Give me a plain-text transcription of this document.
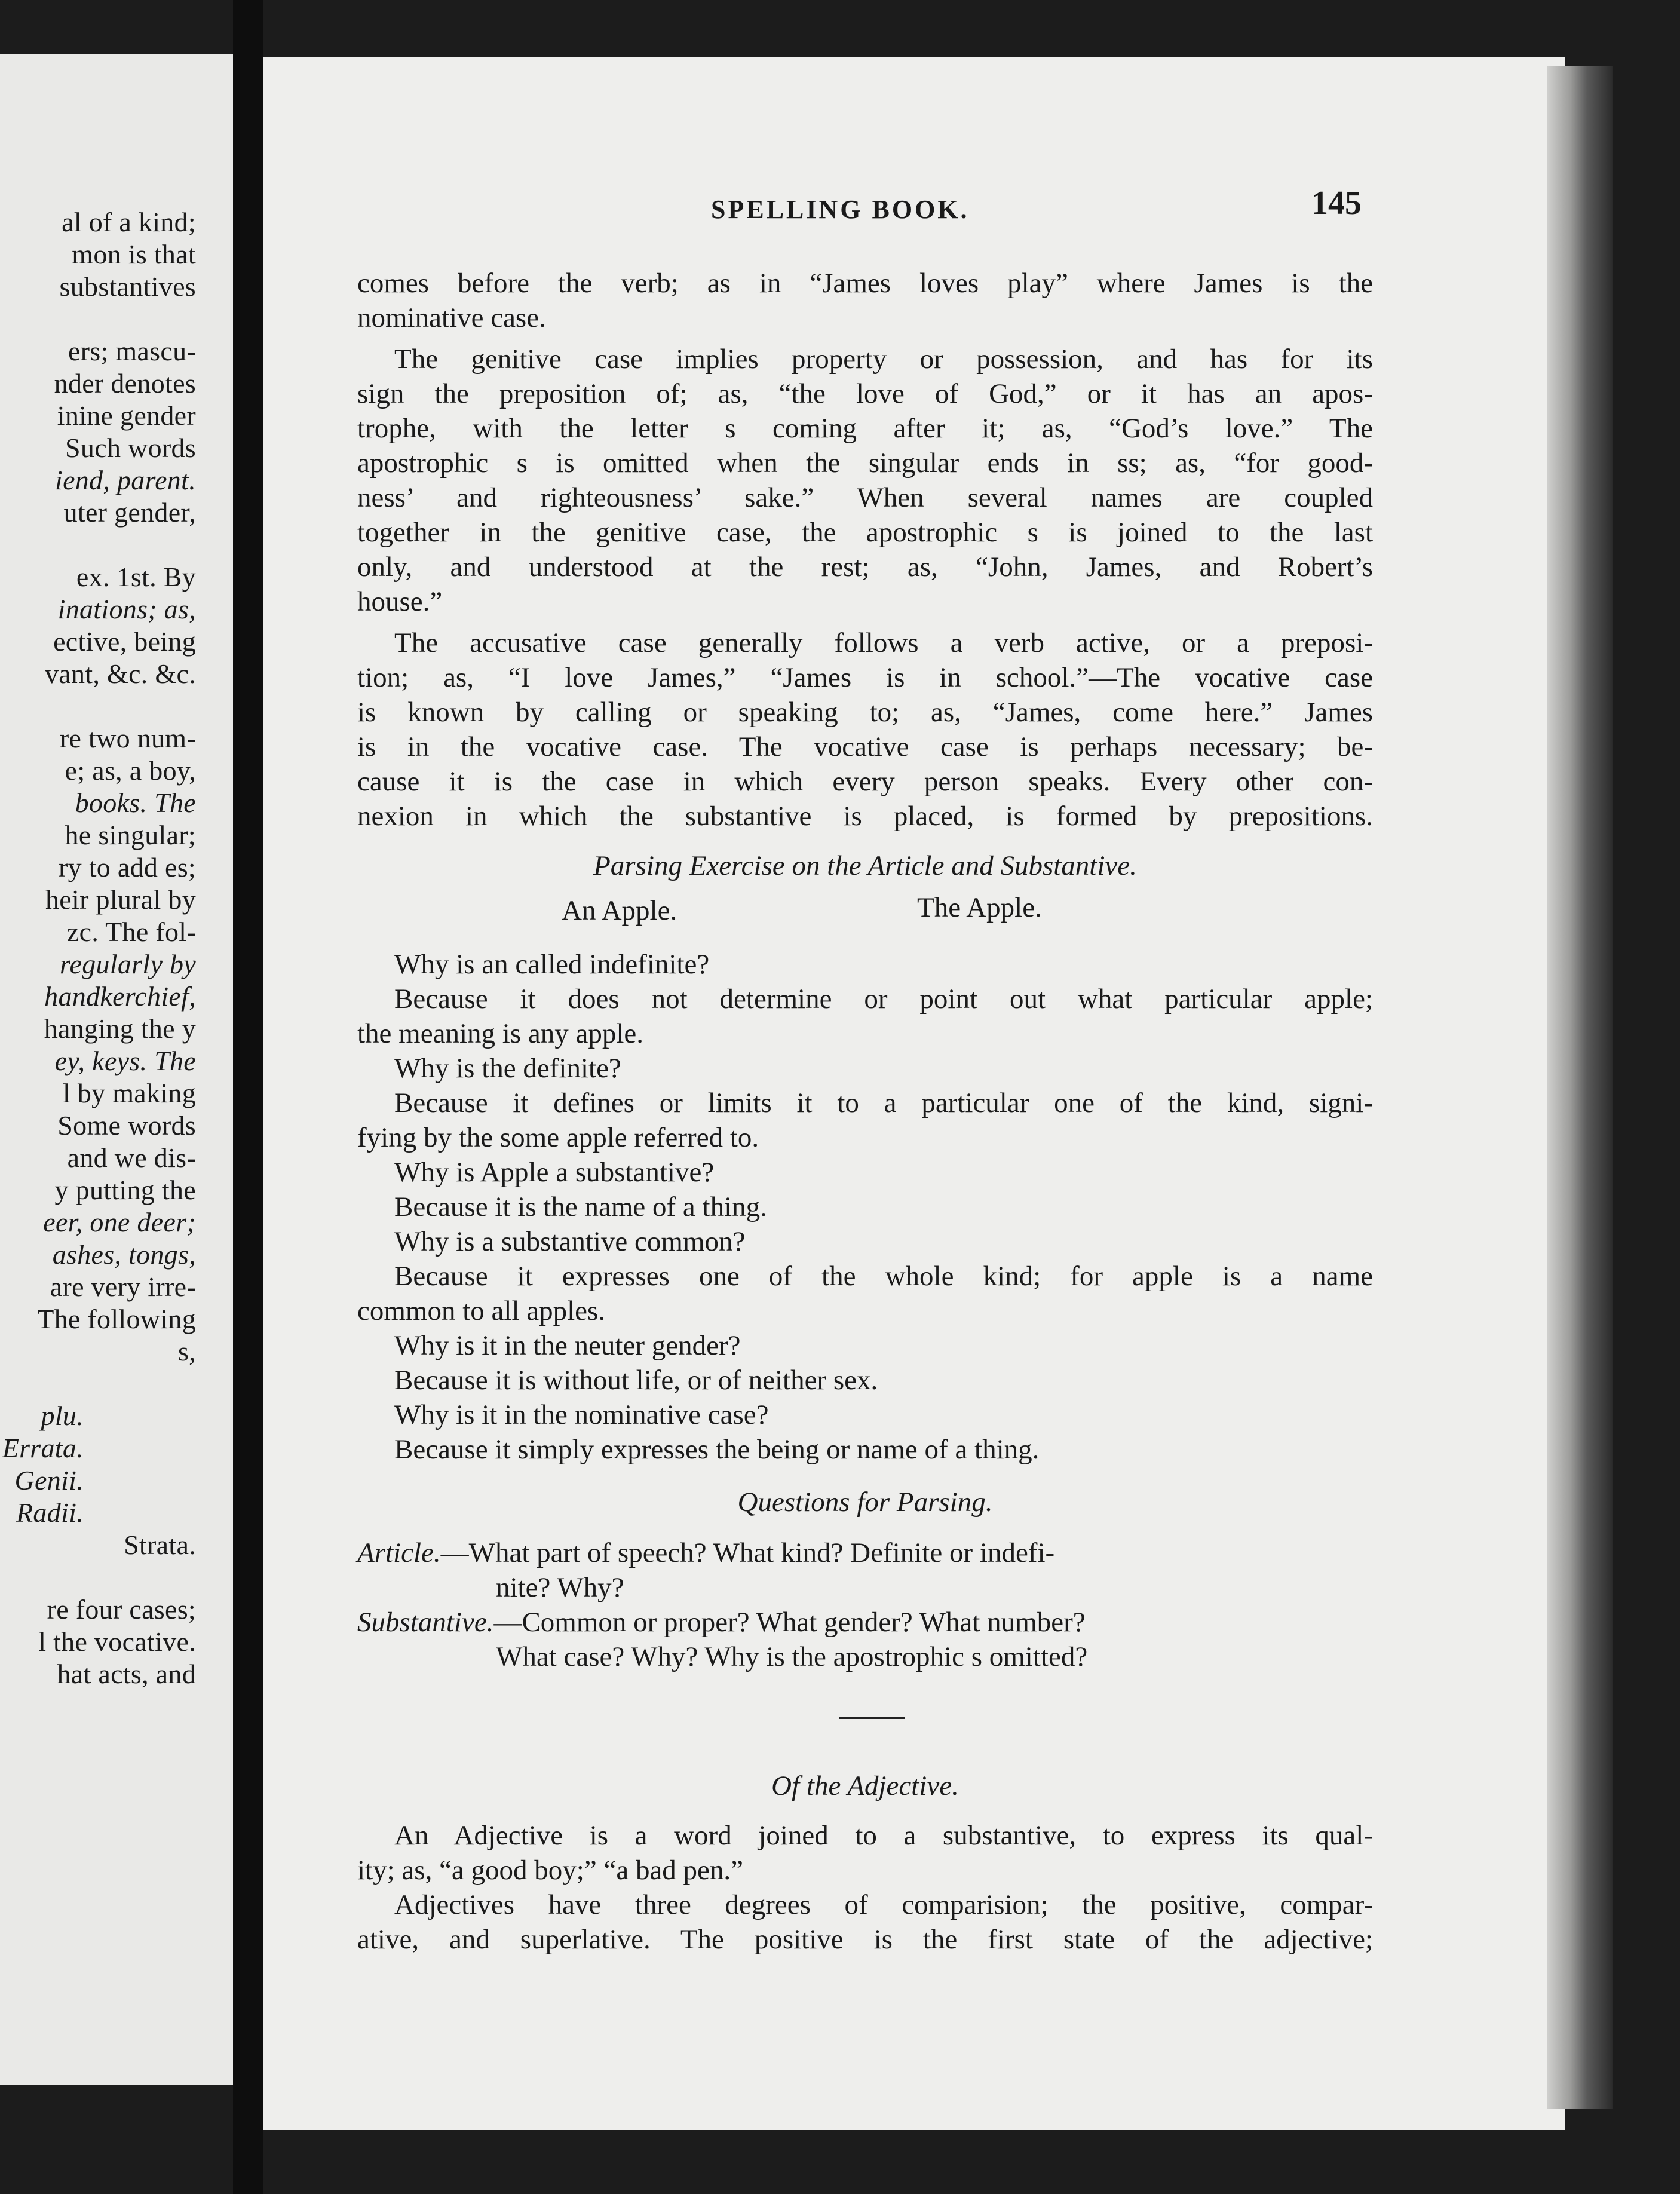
al of a kind;
mon is that
substantives
ers; mascu-
nder denotes
inine gender
Such words
iend, parent.
uter gender,
ex. 1st. By
inations; as,
ective, being
vant, &c. &c.
re two num-
e; as, a boy,
books. The
he singular;
ry to add es;
heir plural by
zc. The fol-
regularly by
handkerchief,
hanging the y
ey, keys. The
l by making
Some words
and we dis-
y putting the
eer, one deer;
ashes, tongs,
are very irre-
The following
s,
plu.
Errata.
Genii.
Radii.
Strata.
re four cases;
l the vocative.
hat acts, and
SPELLING BOOK.	145
comes before the verb; as in “James loves play” where James is the
nominative case.
The genitive case implies property or possession, and has for its
sign the preposition of; as, “the love of God,” or it has an apos-
trophe, with the letter s coming after it; as, “God’s love.” The
apostrophic s is omitted when the singular ends in ss; as, “for good-
ness’ and righteousness’ sake.” When several names are coupled
together in the genitive case, the apostrophic s is joined to the last
only, and understood at the rest; as, “John, James, and Robert’s
house.”
The accusative case generally follows a verb active, or a preposi-
tion; as, “I love James,” “James is in school.”—The vocative case
is known by calling or speaking to; as, “James, come here.” James
is in the vocative case. The vocative case is perhaps necessary; be-
cause it is the case in which every person speaks. Every other con-
nexion in which the substantive is placed, is formed by prepositions.
Parsing Exercise on the Article and Substantive.
An Apple.	The Apple.
Why is an called indefinite?
Because it does not determine or point out what particular apple;
the meaning is any apple.
Why is the definite?
Because it defines or limits it to a particular one of the kind, signi-
fying by the some apple referred to.
Why is Apple a substantive?
Because it is the name of a thing.
Why is a substantive common?
Because it expresses one of the whole kind; for apple is a name
common to all apples.
Why is it in the neuter gender?
Because it is without life, or of neither sex.
Why is it in the nominative case?
Because it simply expresses the being or name of a thing.
Questions for Parsing.
Article.—What part of speech? What kind? Definite or indefi-
nite? Why?
Substantive.—Common or proper? What gender? What number?
What case? Why? Why is the apostrophic s omitted?
Of the Adjective.
An Adjective is a word joined to a substantive, to express its qual-
ity; as, “a good boy;” “a bad pen.”
Adjectives have three degrees of comparision; the positive, compar-
ative, and superlative. The positive is the first state of the adjective;
